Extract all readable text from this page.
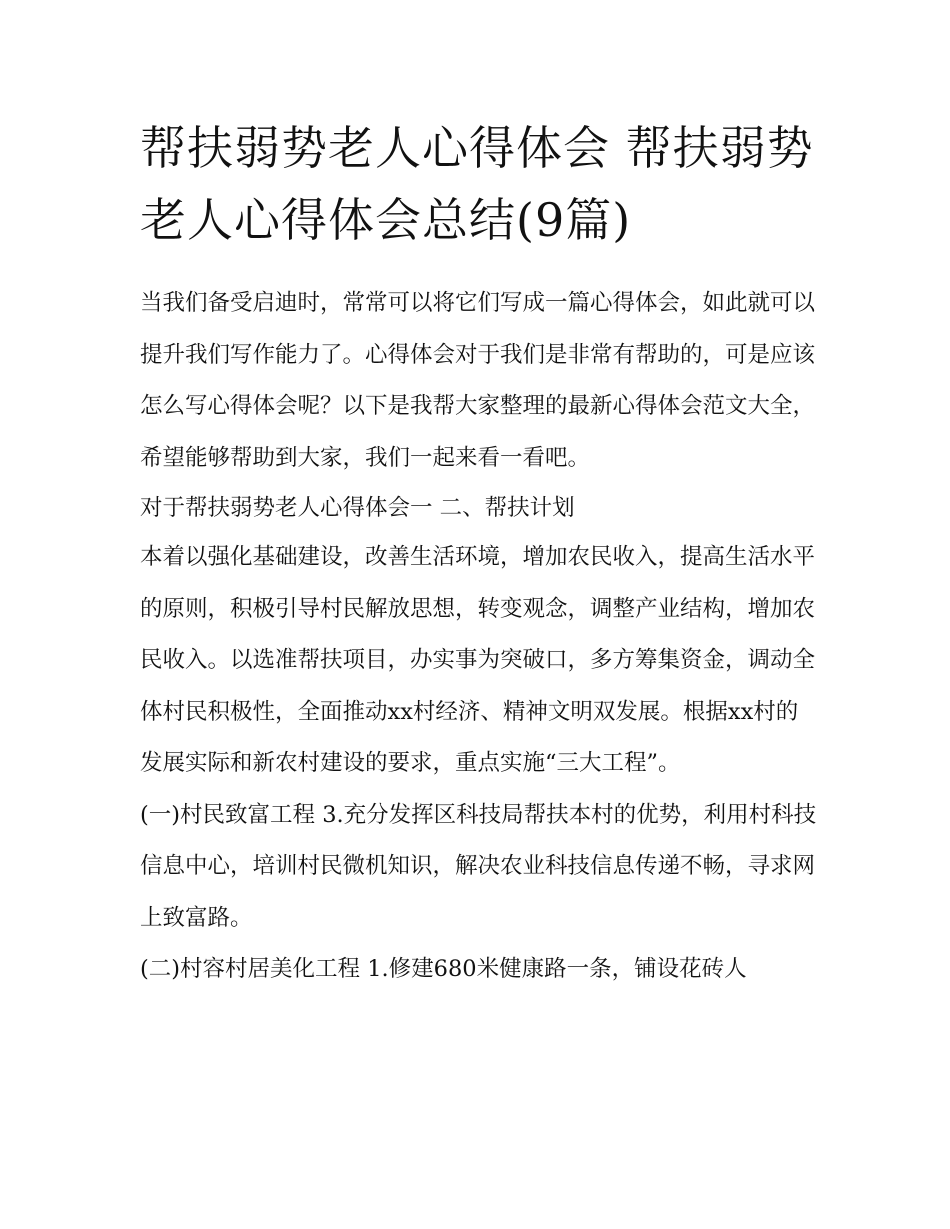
帮扶弱势老人心得体会 帮扶弱势老人心得体会总结(9篇)

当我们备受启迪时，常常可以将它们写成一篇心得体会，如此就可以提升我们写作能力了。心得体会对于我们是非常有帮助的，可是应该怎么写心得体会呢？以下是我帮大家整理的最新心得体会范文大全，希望能够帮助到大家，我们一起来看一看吧。

对于帮扶弱势老人心得体会一 二、帮扶计划

本着以强化基础建设，改善生活环境，增加农民收入，提高生活水平的原则，积极引导村民解放思想，转变观念，调整产业结构，增加农民收入。以选准帮扶项目，办实事为突破口，多方筹集资金，调动全体村民积极性，全面推动xx村经济、精神文明双发展。根据xx村的发展实际和新农村建设的要求，重点实施“三大工程”。

(一)村民致富工程 3.充分发挥区科技局帮扶本村的优势，利用村科技信息中心，培训村民微机知识，解决农业科技信息传递不畅，寻求网上致富路。

(二)村容村居美化工程 1.修建680米健康路一条，铺设花砖人
